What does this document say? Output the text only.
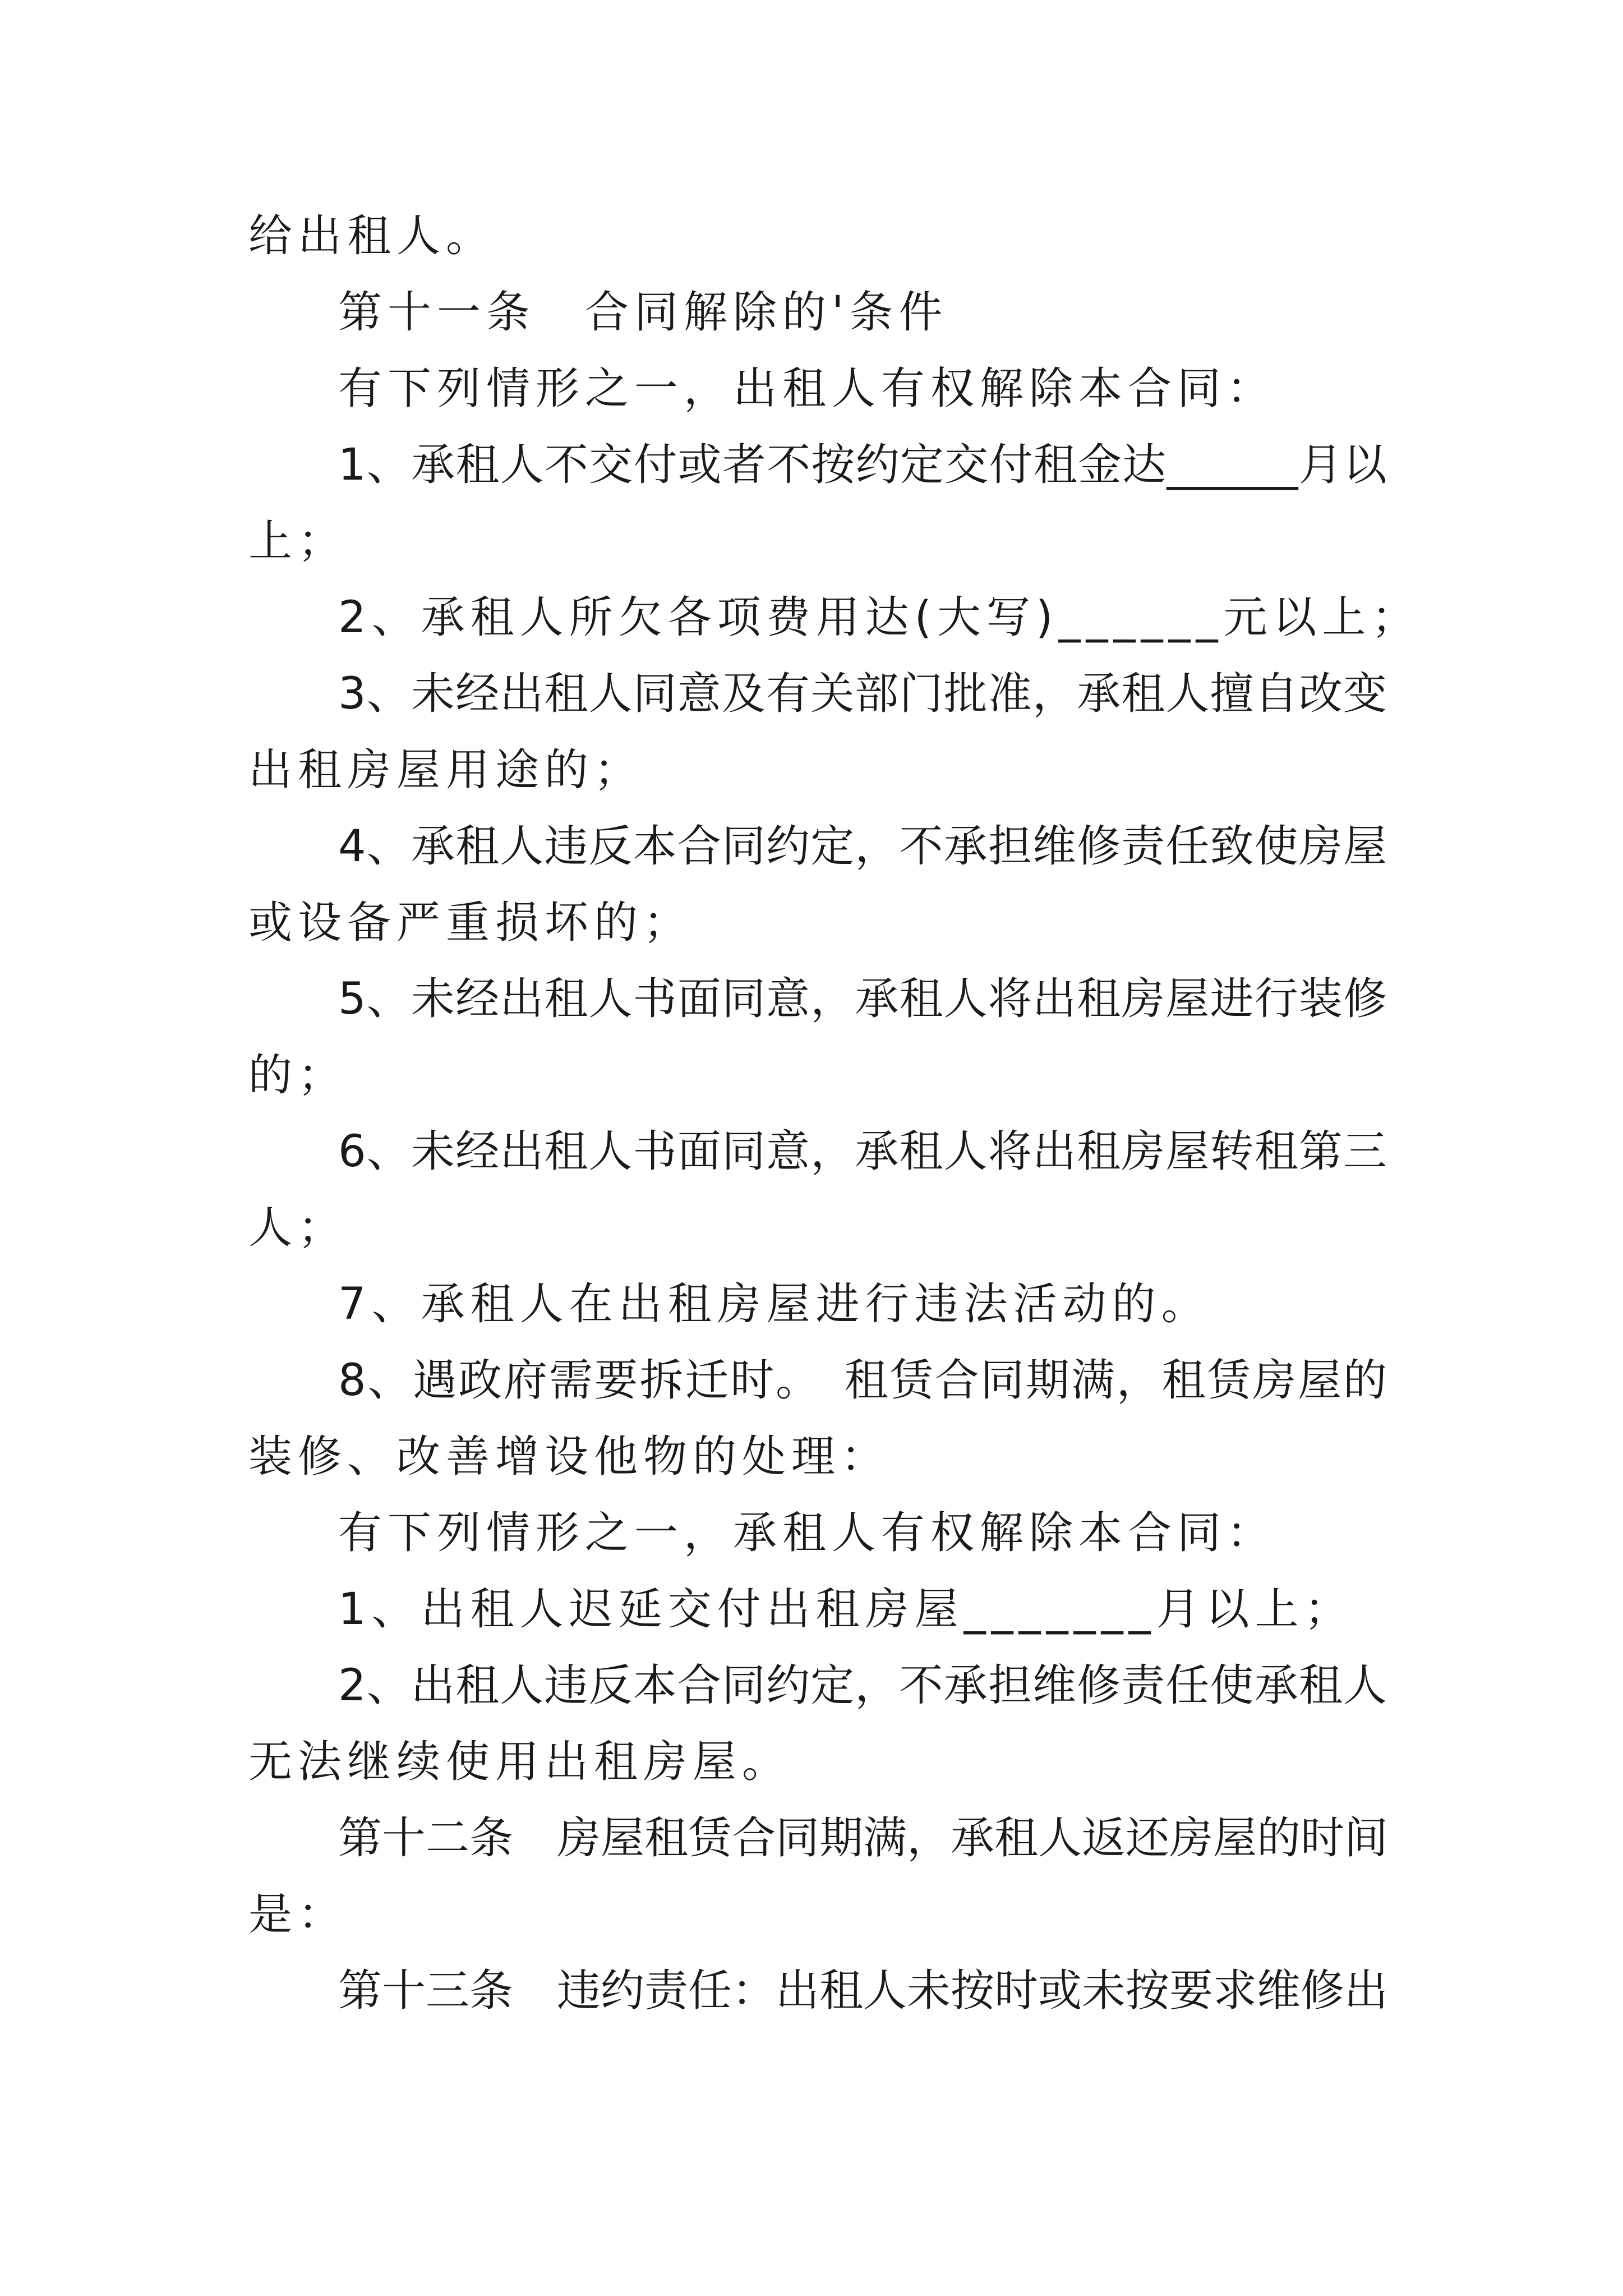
给出租人。
第十一条　合同解除的'条件
有下列情形之一，出租人有权解除本合同：
1、承租人不交付或者不按约定交付租金达______月以
上；
2、承租人所欠各项费用达(大写)______元以上；
3、未经出租人同意及有关部门批准，承租人擅自改变
出租房屋用途的；
4、承租人违反本合同约定，不承担维修责任致使房屋
或设备严重损坏的；
5、未经出租人书面同意，承租人将出租房屋进行装修
的；
6、未经出租人书面同意，承租人将出租房屋转租第三
人；
7、承租人在出租房屋进行违法活动的。
8、遇政府需要拆迁时。　租赁合同期满，租赁房屋的
装修、改善增设他物的处理：
有下列情形之一，承租人有权解除本合同：
1、出租人迟延交付出租房屋_______月以上；
2、出租人违反本合同约定，不承担维修责任使承租人
无法继续使用出租房屋。
第十二条　房屋租赁合同期满，承租人返还房屋的时间
是：
第十三条　违约责任：出租人未按时或未按要求维修出
